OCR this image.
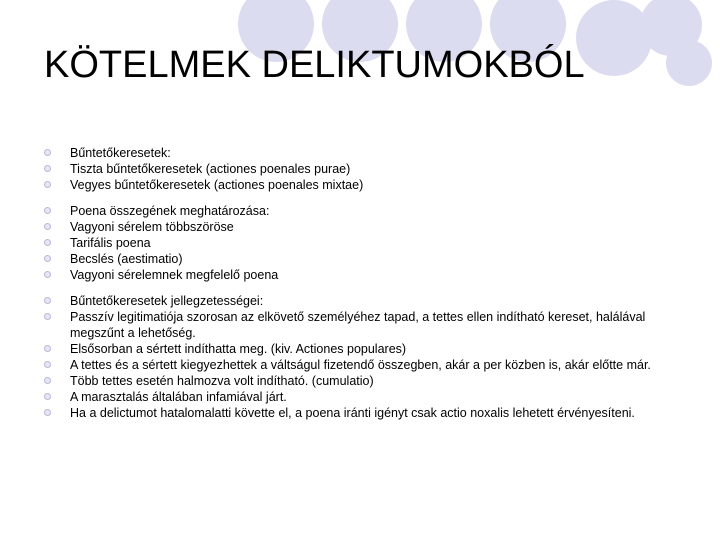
KÖTELMEK DELIKTUMOKBÓL
Bűntetőkeresetek:
Tiszta bűntetőkeresetek (actiones poenales purae)
Vegyes bűntetőkeresetek (actiones poenales mixtae)
Poena összegének meghatározása:
Vagyoni sérelem többszöröse
Tarifális poena
Becslés (aestimatio)
Vagyoni sérelemnek megfelelő poena
Bűntetőkeresetek jellegzetességei:
Passzív legitimatiója szorosan az elkövető személyéhez tapad, a tettes ellen indítható kereset, halálával megszűnt a lehetőség.
Elsősorban a sértett indíthatta meg. (kiv. Actiones populares)
A tettes és a sértett kiegyezhettek a váltságul fizetendő összegben, akár a per közben is, akár előtte már.
Több tettes esetén halmozva volt indítható. (cumulatio)
A marasztalás általában infamiával járt.
Ha a delictumot hatalomalatti követte el, a poena iránti igényt csak actio noxalis lehetett érvényesíteni.
